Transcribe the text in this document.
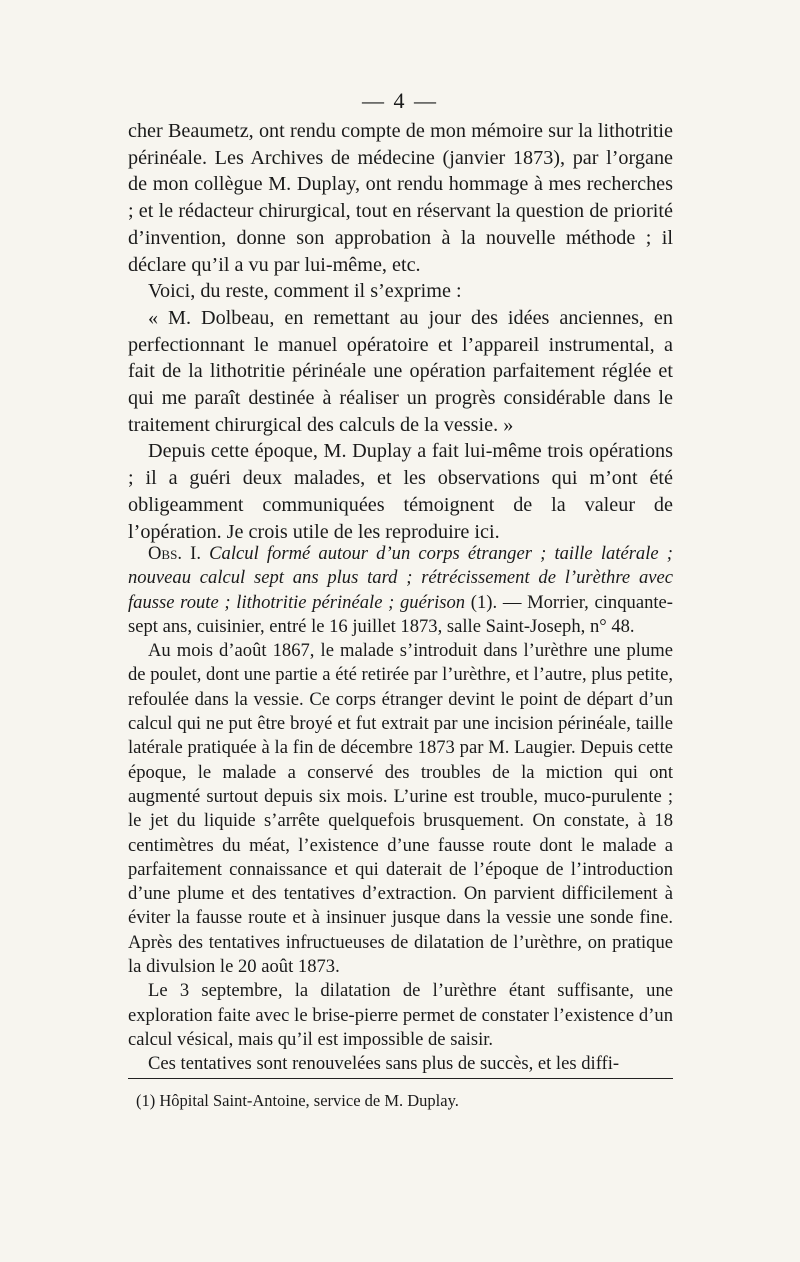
— 4 —

cher Beaumetz, ont rendu compte de mon mémoire sur la lithotritie périnéale. Les Archives de médecine (janvier 1873), par l’organe de mon collègue M. Duplay, ont rendu hommage à mes recherches ; et le rédacteur chirurgical, tout en réservant la question de priorité d’invention, donne son approbation à la nouvelle méthode ; il déclare qu’il a vu par lui-même, etc.

Voici, du reste, comment il s’exprime :

« M. Dolbeau, en remettant au jour des idées anciennes, en perfectionnant le manuel opératoire et l’appareil instrumental, a fait de la lithotritie périnéale une opération parfaitement réglée et qui me paraît destinée à réaliser un progrès considérable dans le traitement chirurgical des calculs de la vessie. »

Depuis cette époque, M. Duplay a fait lui-même trois opérations ; il a guéri deux malades, et les observations qui m’ont été obligeamment communiquées témoignent de la valeur de l’opération. Je crois utile de les reproduire ici.

Obs. I. Calcul formé autour d’un corps étranger ; taille latérale ; nouveau calcul sept ans plus tard ; rétrécissement de l’urèthre avec fausse route ; lithotritie périnéale ; guérison (1). — Morrier, cinquante-sept ans, cuisinier, entré le 16 juillet 1873, salle Saint-Joseph, n° 48.

Au mois d’août 1867, le malade s’introduit dans l’urèthre une plume de poulet, dont une partie a été retirée par l’urèthre, et l’autre, plus petite, refoulée dans la vessie. Ce corps étranger devint le point de départ d’un calcul qui ne put être broyé et fut extrait par une incision périnéale, taille latérale pratiquée à la fin de décembre 1873 par M. Laugier. Depuis cette époque, le malade a conservé des troubles de la miction qui ont augmenté surtout depuis six mois. L’urine est trouble, muco-purulente ; le jet du liquide s’arrête quelquefois brusquement. On constate, à 18 centimètres du méat, l’existence d’une fausse route dont le malade a parfaitement connaissance et qui daterait de l’époque de l’introduction d’une plume et des tentatives d’extraction. On parvient difficilement à éviter la fausse route et à insinuer jusque dans la vessie une sonde fine. Après des tentatives infructueuses de dilatation de l’urèthre, on pratique la divulsion le 20 août 1873.

Le 3 septembre, la dilatation de l’urèthre étant suffisante, une exploration faite avec le brise-pierre permet de constater l’existence d’un calcul vésical, mais qu’il est impossible de saisir.

Ces tentatives sont renouvelées sans plus de succès, et les diffi-

(1) Hôpital Saint-Antoine, service de M. Duplay.
